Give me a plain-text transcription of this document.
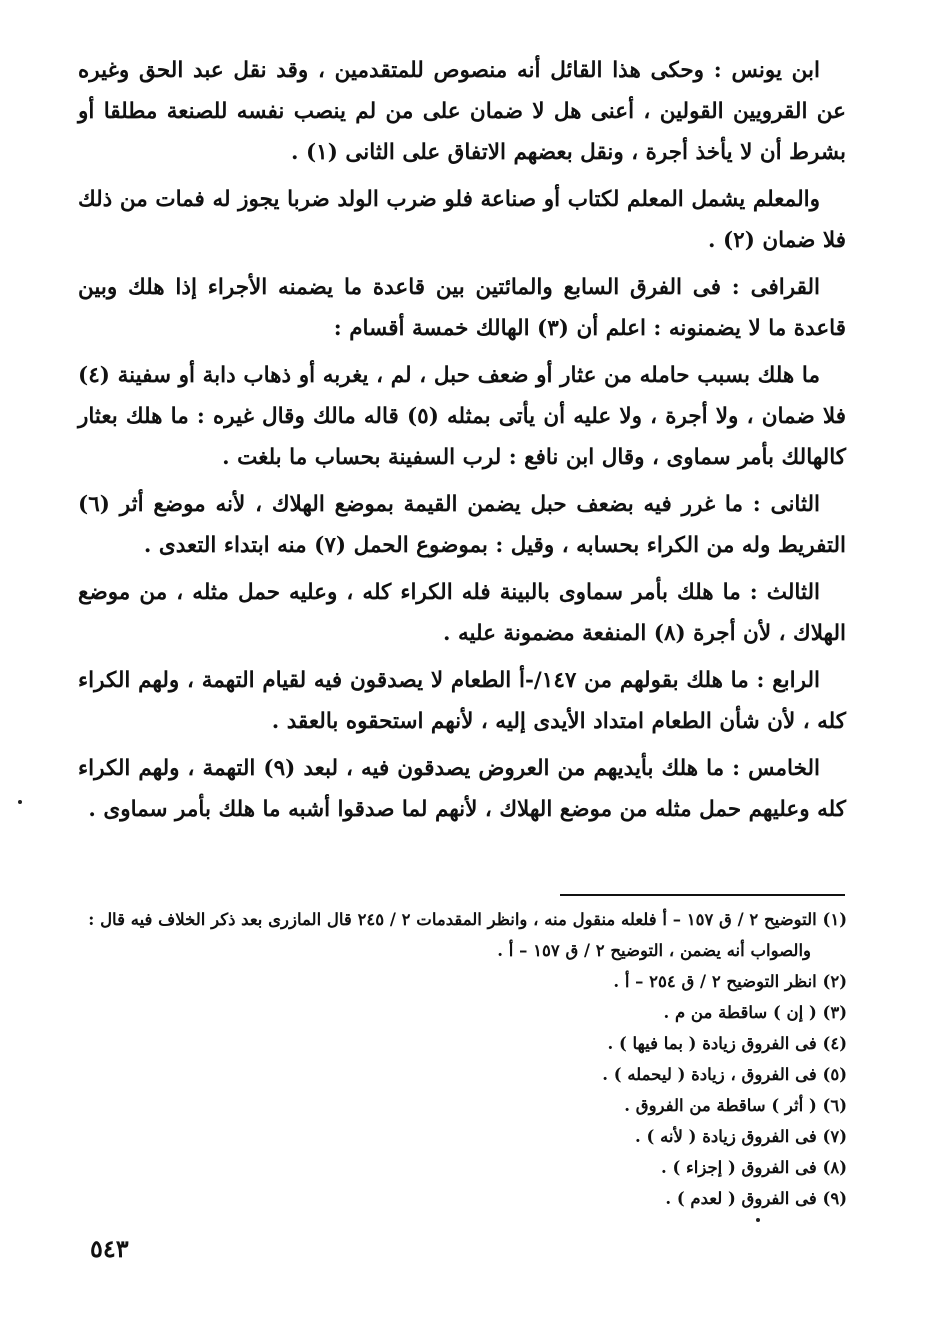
ابن يونس : وحكى هذا القائل أنه منصوص للمتقدمين ، وقد نقل عبد الحق وغيره عن القرويين القولين ، أعنى هل لا ضمان على من لم ينصب نفسه للصنعة مطلقا أو بشرط أن لا يأخذ أجرة ، ونقل بعضهم الاتفاق على الثانى (١) .

والمعلم يشمل المعلم لكتاب أو صناعة فلو ضرب الولد ضربا يجوز له فمات من ذلك فلا ضمان (٢) .

القرافى : فى الفرق السابع والمائتين بين قاعدة ما يضمنه الأجراء إذا هلك وبين قاعدة ما لا يضمنونه : اعلم أن (٣) الهالك خمسة أقسام :

ما هلك بسبب حامله من عثار أو ضعف حبل ، لم ، يغربه أو ذهاب دابة أو سفينة (٤) فلا ضمان ، ولا أجرة ، ولا عليه أن يأتى بمثله (٥) قاله مالك وقال غيره : ما هلك بعثار كالهالك بأمر سماوى ، وقال ابن نافع : لرب السفينة بحساب ما بلغت .

الثانى : ما غرر فيه بضعف حبل يضمن القيمة بموضع الهلاك ، لأنه موضع أثر (٦) التفريط وله من الكراء بحسابه ، وقيل : بموضوع الحمل (٧) منه ابتداء التعدى .

الثالث : ما هلك بأمر سماوى بالبينة فله الكراء كله ، وعليه حمل مثله ، من موضع الهلاك ، لأن أجرة (٨) المنفعة مضمونة عليه .

الرابع : ما هلك بقولهم من ١٤٧/-أ الطعام لا يصدقون فيه لقيام التهمة ، ولهم الكراء كله ، لأن شأن الطعام امتداد الأيدى إليه ، لأنهم استحقوه بالعقد .

الخامس : ما هلك بأيديهم من العروض يصدقون فيه ، لبعد (٩) التهمة ، ولهم الكراء كله وعليهم حمل مثله من موضع الهلاك ، لأنهم لما صدقوا أشبه ما هلك بأمر سماوى .

(١) التوضيح ٢ / ق ١٥٧ – أ فلعله منقول منه ، وانظر المقدمات ٢ / ٢٤٥ قال المازرى بعد ذكر الخلاف فيه قال :
والصواب أنه يضمن ، التوضيح ٢ / ق ١٥٧ – أ .

(٢) انظر التوضيح ٢ / ق ٢٥٤ – أ .

(٣) ( إن ) ساقطة من م .

(٤) فى الفروق زيادة ( بما فيها ) .

(٥) فى الفروق ، زيادة ( ليحمله ) .

(٦) ( أثر ) ساقطة من الفروق .

(٧) فى الفروق زيادة ( لأنه ) .

(٨) فى الفروق ( إجزاء ) .

(٩) فى الفروق ( لعدم ) .

٥٤٣
